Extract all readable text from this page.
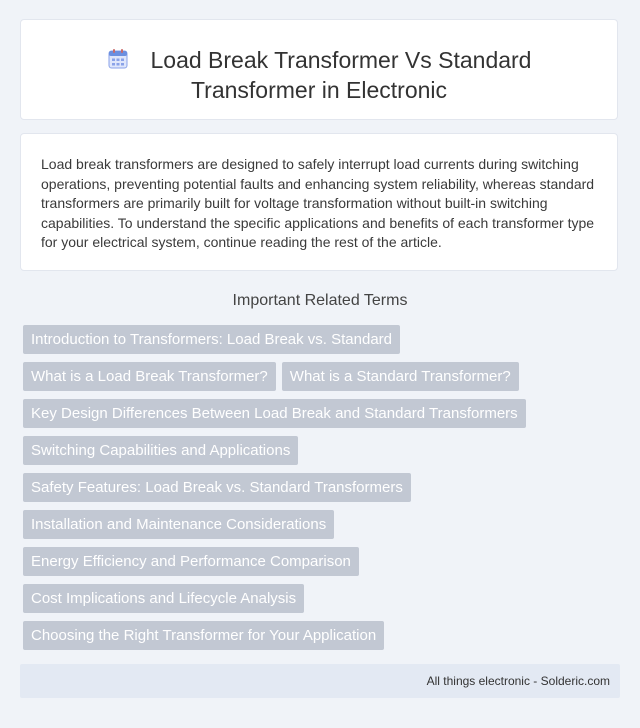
Load Break Transformer Vs Standard
Transformer in Electronic
Load break transformers are designed to safely interrupt load currents during switching operations, preventing potential faults and enhancing system reliability, whereas standard transformers are primarily built for voltage transformation without built-in switching capabilities. To understand the specific applications and benefits of each transformer type for your electrical system, continue reading the rest of the article.
Important Related Terms
Introduction to Transformers: Load Break vs. Standard
What is a Load Break Transformer? What is a Standard Transformer?
Key Design Differences Between Load Break and Standard Transformers
Switching Capabilities and Applications
Safety Features: Load Break vs. Standard Transformers
Installation and Maintenance Considerations
Energy Efficiency and Performance Comparison
Cost Implications and Lifecycle Analysis
Choosing the Right Transformer for Your Application
All things electronic - Solderic.com
